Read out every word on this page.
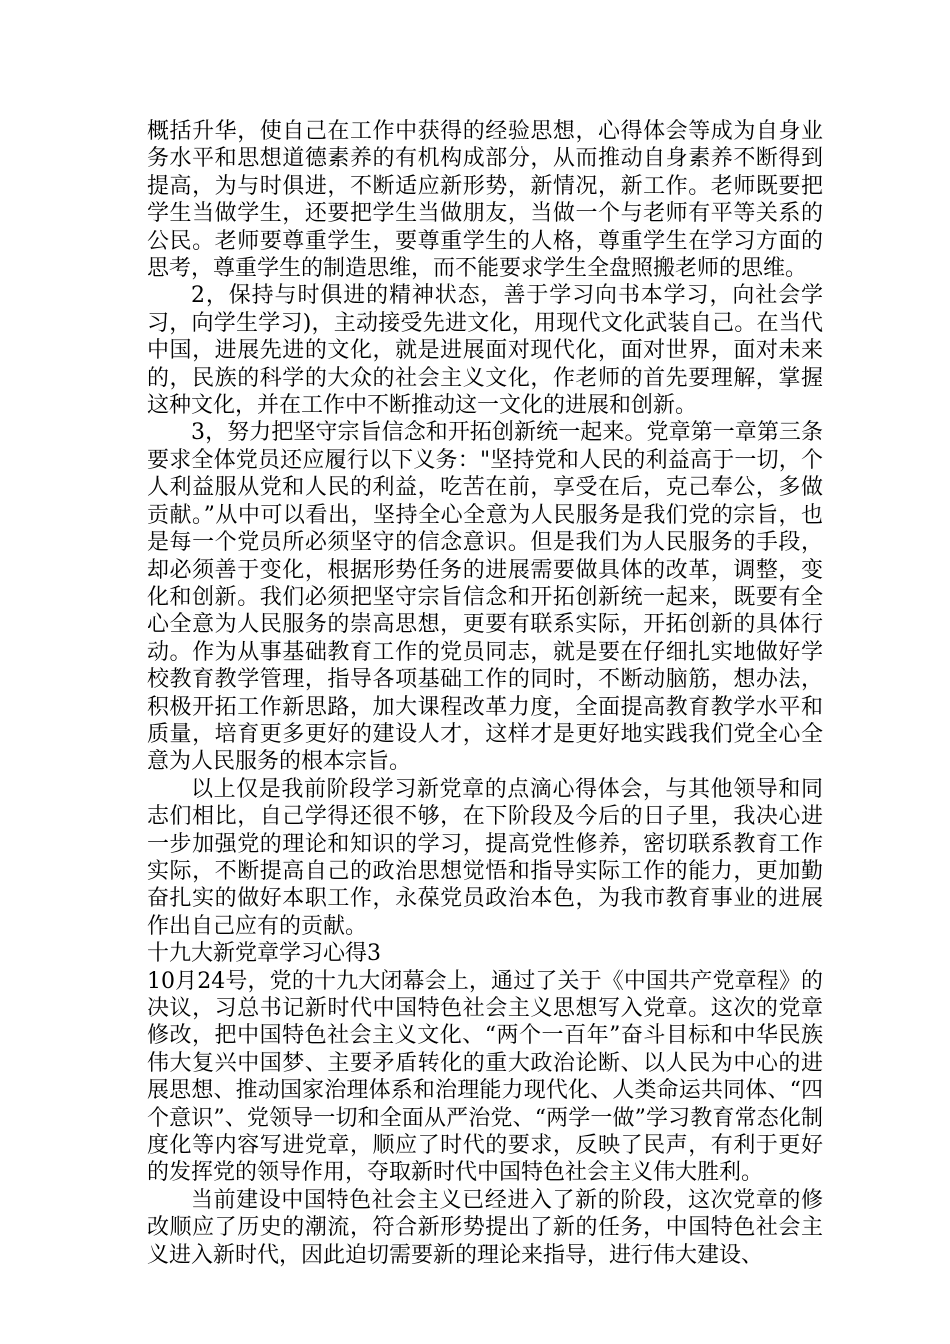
概括升华，使自己在工作中获得的经验思想，心得体会等成为自身业务水平和思想道德素养的有机构成部分，从而推动自身素养不断得到提高，为与时俱进，不断适应新形势，新情况，新工作。老师既要把学生当做学生，还要把学生当做朋友，当做一个与老师有平等关系的公民。老师要尊重学生，要尊重学生的人格，尊重学生在学习方面的思考，尊重学生的制造思维，而不能要求学生全盘照搬老师的思维。

2，保持与时俱进的精神状态，善于学习向书本学习，向社会学习，向学生学习)，主动接受先进文化，用现代文化武装自己。在当代中国，进展先进的文化，就是进展面对现代化，面对世界，面对未来的，民族的科学的大众的社会主义文化，作老师的首先要理解，掌握这种文化，并在工作中不断推动这一文化的进展和创新。

3，努力把坚守宗旨信念和开拓创新统一起来。党章第一章第三条要求全体党员还应履行以下义务："坚持党和人民的利益高于一切，个人利益服从党和人民的利益，吃苦在前，享受在后，克己奉公，多做贡献。”从中可以看出，坚持全心全意为人民服务是我们党的宗旨，也是每一个党员所必须坚守的信念意识。但是我们为人民服务的手段，却必须善于变化，根据形势任务的进展需要做具体的改革，调整，变化和创新。我们必须把坚守宗旨信念和开拓创新统一起来，既要有全心全意为人民服务的崇高思想，更要有联系实际，开拓创新的具体行动。作为从事基础教育工作的党员同志，就是要在仔细扎实地做好学校教育教学管理，指导各项基础工作的同时，不断动脑筋，想办法，积极开拓工作新思路，加大课程改革力度，全面提高教育教学水平和质量，培育更多更好的建设人才，这样才是更好地实践我们党全心全意为人民服务的根本宗旨。

以上仅是我前阶段学习新党章的点滴心得体会，与其他领导和同志们相比，自己学得还很不够，在下阶段及今后的日子里，我决心进一步加强党的理论和知识的学习，提高党性修养，密切联系教育工作实际，不断提高自己的政治思想觉悟和指导实际工作的能力，更加勤奋扎实的做好本职工作，永葆党员政治本色，为我市教育事业的进展作出自己应有的贡献。

十九大新党章学习心得3

10月24号，党的十九大闭幕会上，通过了关于《中国共产党章程》的决议，习总书记新时代中国特色社会主义思想写入党章。这次的党章修改，把中国特色社会主义文化、“两个一百年”奋斗目标和中华民族伟大复兴中国梦、主要矛盾转化的重大政治论断、以人民为中心的进展思想、推动国家治理体系和治理能力现代化、人类命运共同体、“四个意识”、党领导一切和全面从严治党、“两学一做”学习教育常态化制度化等内容写进党章，顺应了时代的要求，反映了民声，有利于更好的发挥党的领导作用，夺取新时代中国特色社会主义伟大胜利。

当前建设中国特色社会主义已经进入了新的阶段，这次党章的修改顺应了历史的潮流，符合新形势提出了新的任务，中国特色社会主义进入新时代，因此迫切需要新的理论来指导，进行伟大建设、
